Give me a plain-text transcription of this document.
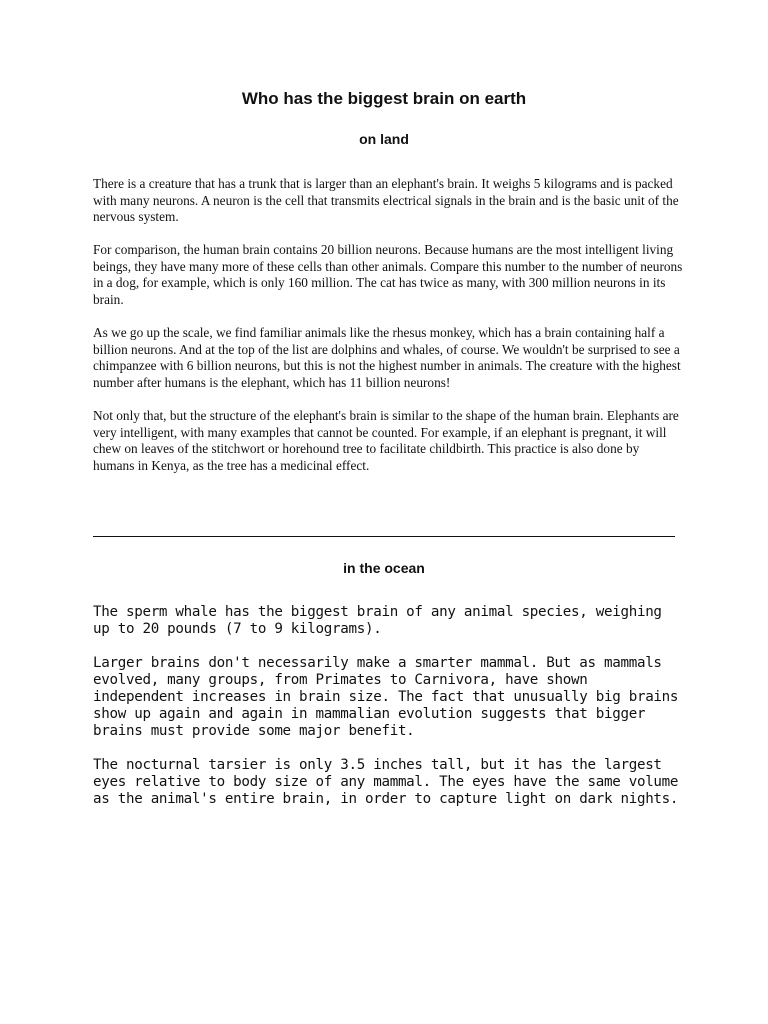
Who has the biggest brain on earth
on land

There is a creature that has a trunk that is larger than an elephant's brain. It weighs 5 kilograms and is packed with many neurons. A neuron is the cell that transmits electrical signals in the brain and is the basic unit of the nervous system.

For comparison, the human brain contains 20 billion neurons. Because humans are the most intelligent living beings, they have many more of these cells than other animals. Compare this number to the number of neurons in a dog, for example, which is only 160 million. The cat has twice as many, with 300 million neurons in its brain.

As we go up the scale, we find familiar animals like the rhesus monkey, which has a brain containing half a billion neurons. And at the top of the list are dolphins and whales, of course. We wouldn't be surprised to see a chimpanzee with 6 billion neurons, but this is not the highest number in animals. The creature with the highest number after humans is the elephant, which has 11 billion neurons!

Not only that, but the structure of the elephant's brain is similar to the shape of the human brain. Elephants are very intelligent, with many examples that cannot be counted. For example, if an elephant is pregnant, it will chew on leaves of the stitchwort or horehound tree to facilitate childbirth. This practice is also done by humans in Kenya, as the tree has a medicinal effect.

in the ocean

The sperm whale has the biggest brain of any animal species, weighing up to 20 pounds (7 to 9 kilograms).

Larger brains don't necessarily make a smarter mammal. But as mammals evolved, many groups, from Primates to Carnivora, have shown independent increases in brain size. The fact that unusually big brains show up again and again in mammalian evolution suggests that bigger brains must provide some major benefit.

The nocturnal tarsier is only 3.5 inches tall, but it has the largest eyes relative to body size of any mammal. The eyes have the same volume as the animal's entire brain, in order to capture light on dark nights.
